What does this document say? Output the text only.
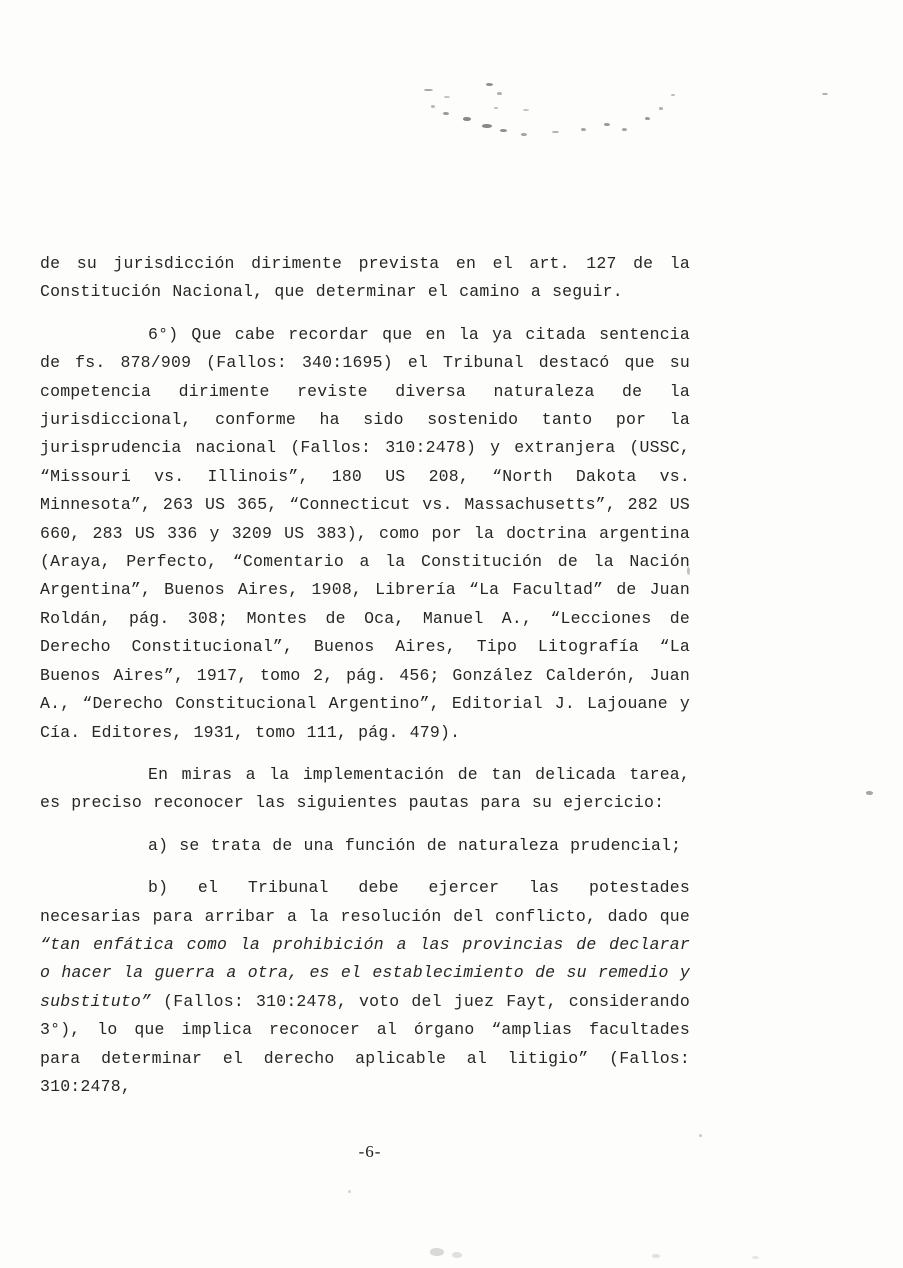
de su jurisdicción dirimente prevista en el art. 127 de la Constitución Nacional, que determinar el camino a seguir.

6°) Que cabe recordar que en la ya citada sentencia de fs. 878/909 (Fallos: 340:1695) el Tribunal destacó que su competencia dirimente reviste diversa naturaleza de la jurisdiccional, conforme ha sido sostenido tanto por la jurisprudencia nacional (Fallos: 310:2478) y extranjera (USSC, “Missouri vs. Illinois”, 180 US 208, “North Dakota vs. Minnesota”, 263 US 365, “Connecticut vs. Massachusetts”, 282 US 660, 283 US 336 y 3209 US 383), como por la doctrina argentina (Araya, Perfecto, “Comentario a la Constitución de la Nación Argentina”, Buenos Aires, 1908, Librería “La Facultad” de Juan Roldán, pág. 308; Montes de Oca, Manuel A., “Lecciones de Derecho Constitucional”, Buenos Aires, Tipo Litografía “La Buenos Aires”, 1917, tomo 2, pág. 456; González Calderón, Juan A., “Derecho Constitucional Argentino”, Editorial J. Lajouane y Cía. Editores, 1931, tomo 111, pág. 479).

En miras a la implementación de tan delicada tarea, es preciso reconocer las siguientes pautas para su ejercicio:

a) se trata de una función de naturaleza prudencial;

b) el Tribunal debe ejercer las potestades necesarias para arribar a la resolución del conflicto, dado que “tan enfática como la prohibición a las provincias de declarar o hacer la guerra a otra, es el establecimiento de su remedio y substituto” (Fallos: 310:2478, voto del juez Fayt, considerando 3°), lo que implica reconocer al órgano “amplias facultades para determinar el derecho aplicable al litigio” (Fallos: 310:2478,

-6-
